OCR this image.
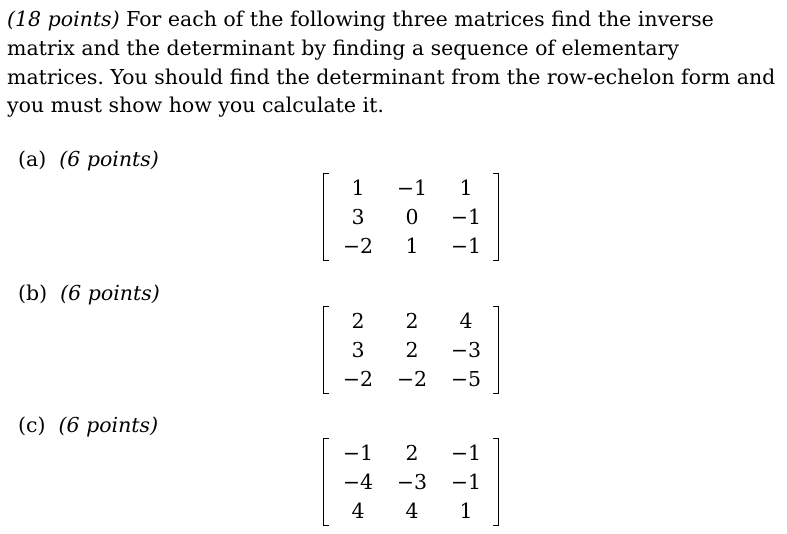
(18 points) For each of the following three matrices find the inverse matrix and the determinant by finding a sequence of elementary matrices. You should find the determinant from the row-echelon form and you must show how you calculate it.

(a) (6 points)
1	−1	1
3	0	−1
−2	1	−1
(b) (6 points)
2	2	4
3	2	−3
−2	−2	−5
(c) (6 points)
−1	2	−1
−4	−3	−1
4	4	1
